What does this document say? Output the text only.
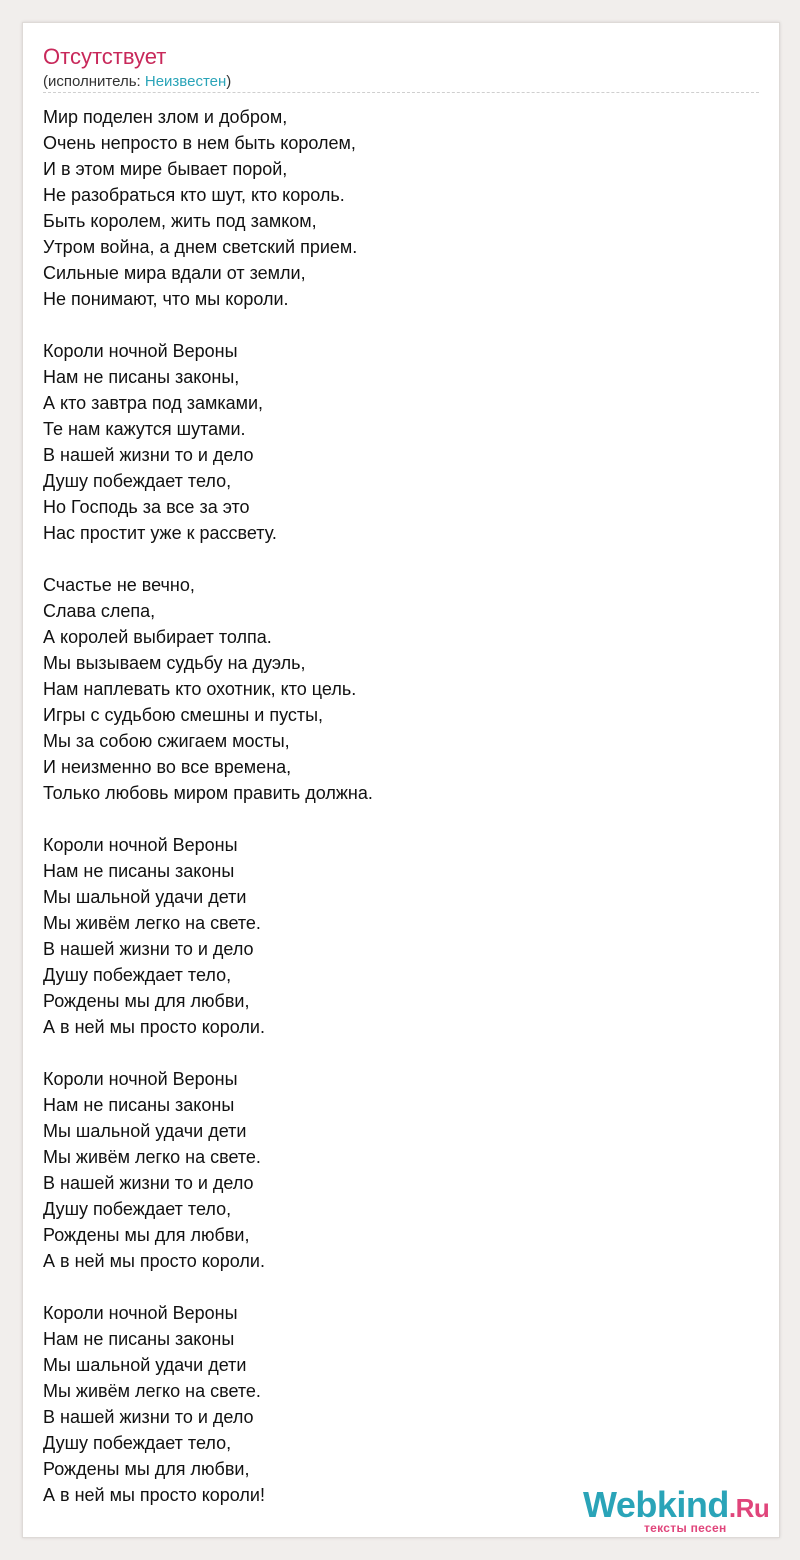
Отсутствует
(исполнитель: Неизвестен)
Мир поделен злом и добром,
Очень непросто в нем быть королем,
И в этом мире бывает порой,
Не разобраться кто шут, кто король.
Быть королем, жить под замком,
Утром война, а днем светский прием.
Сильные мира вдали от земли,
Не понимают, что мы короли.
Короли ночной Вероны
Нам не писаны законы,
А кто завтра под замками,
Те нам кажутся шутами.
В нашей жизни то и дело
Душу побеждает тело,
Но Господь за все за это
Нас простит уже к рассвету.
Счастье не вечно,
Слава слепа,
А королей выбирает толпа.
Мы вызываем судьбу на дуэль,
Нам наплевать кто охотник, кто цель.
Игры с судьбою смешны и пусты,
Мы за собою сжигаем мосты,
И неизменно во все времена,
Только любовь миром править должна.
Короли ночной Вероны
Нам не писаны законы
Мы шальной удачи дети
Мы живём легко на свете.
В нашей жизни то и дело
Душу побеждает тело,
Рождены мы для любви,
А в ней мы просто короли.
Короли ночной Вероны
Нам не писаны законы
Мы шальной удачи дети
Мы живём легко на свете.
В нашей жизни то и дело
Душу побеждает тело,
Рождены мы для любви,
А в ней мы просто короли.
Короли ночной Вероны
Нам не писаны законы
Мы шальной удачи дети
Мы живём легко на свете.
В нашей жизни то и дело
Душу побеждает тело,
Рождены мы для любви,
А в ней мы просто короли!	Webkind.Ru
тексты песен
